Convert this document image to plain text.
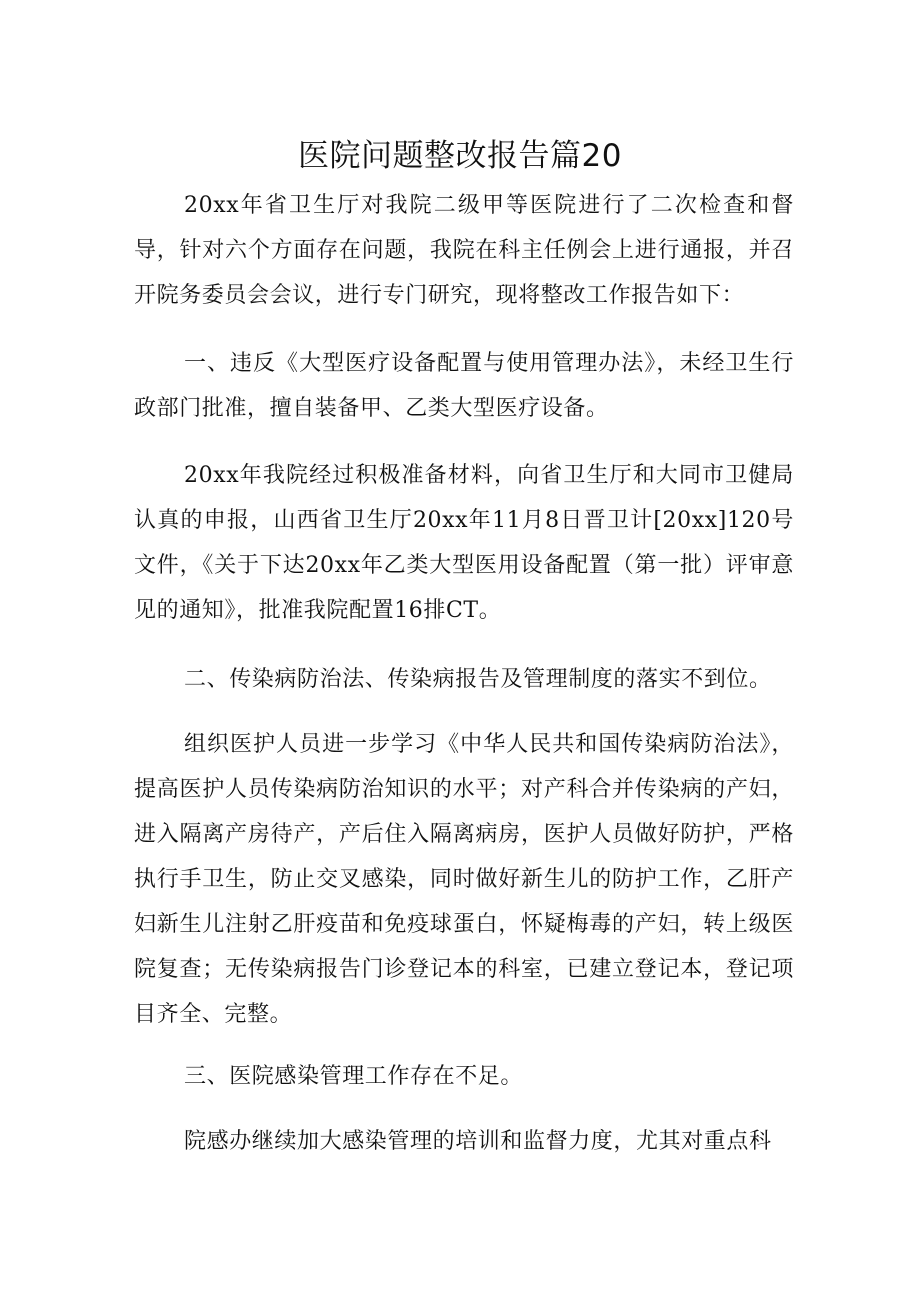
医院问题整改报告篇20

20xx年省卫生厅对我院二级甲等医院进行了二次检查和督导，针对六个方面存在问题，我院在科主任例会上进行通报，并召开院务委员会会议，进行专门研究，现将整改工作报告如下：

一、违反《大型医疗设备配置与使用管理办法》，未经卫生行政部门批准，擅自装备甲、乙类大型医疗设备。

20xx年我院经过积极准备材料，向省卫生厅和大同市卫健局认真的申报，山西省卫生厅20xx年11月8日晋卫计[20xx]120号文件，《关于下达20xx年乙类大型医用设备配置（第一批）评审意见的通知》，批准我院配置16排CT。

二、传染病防治法、传染病报告及管理制度的落实不到位。

组织医护人员进一步学习《中华人民共和国传染病防治法》，提高医护人员传染病防治知识的水平；对产科合并传染病的产妇，进入隔离产房待产，产后住入隔离病房，医护人员做好防护，严格执行手卫生，防止交叉感染，同时做好新生儿的防护工作，乙肝产妇新生儿注射乙肝疫苗和免疫球蛋白，怀疑梅毒的产妇，转上级医院复查；无传染病报告门诊登记本的科室，已建立登记本，登记项目齐全、完整。

三、医院感染管理工作存在不足。

院感办继续加大感染管理的培训和监督力度，尤其对重点科
